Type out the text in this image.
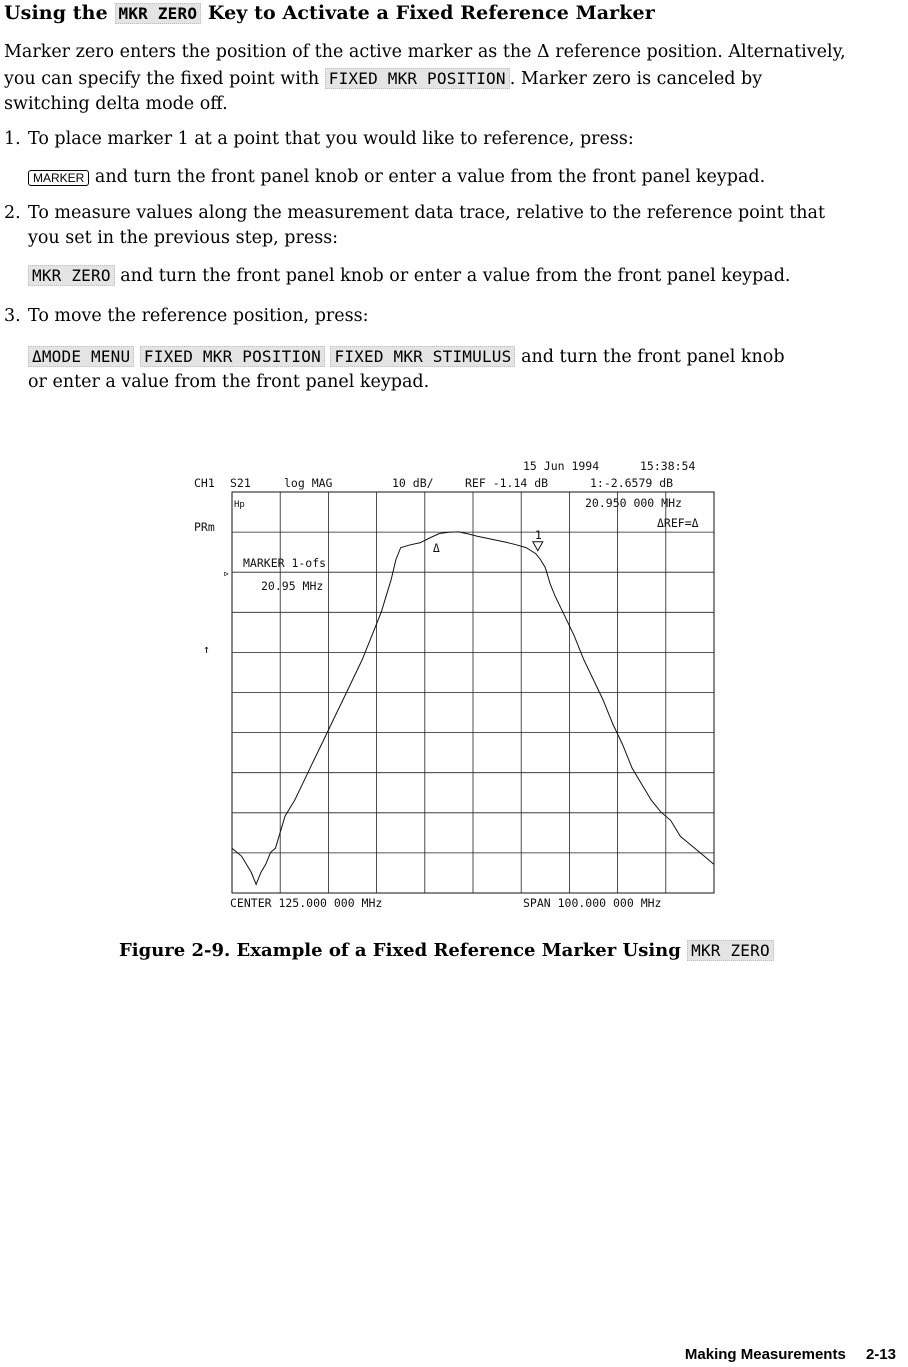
Using the MKR ZERO Key to Activate a Fixed Reference Marker
Marker zero enters the position of the active marker as the Δ reference position. Alternatively,
you can specify the fixed point with FIXED MKR POSITION . Marker zero is canceled by
switching delta mode off.
1. To place marker 1 at a point that you would like to reference, press:
MARKER and turn the front panel knob or enter a value from the front panel keypad.
2. To measure values along the measurement data trace, relative to the reference point that
you set in the previous step, press:
MKR ZERO and turn the front panel knob or enter a value from the front panel keypad.
3. To move the reference position, press:
ΔMODE MENU FIXED MKR POSITION FIXED MKR STIMULUS and turn the front panel knob
or enter a value from the front panel keypad.
15 Jun 1994	15:38:54
CH1 S21	log MAG	10 dB/	REF -1.14 dB	1:-2.6579 dB
20.950 000 MHz
ΔREF=Δ
PRm
MARKER 1-ofs
20.95 MHz
CENTER 125.000 000 MHz	SPAN 100.000 000 MHz
▹
↑
Hp
Δ
1
Figure 2-9. Example of a Fixed Reference Marker Using MKR ZERO
Making Measurements 2-13
